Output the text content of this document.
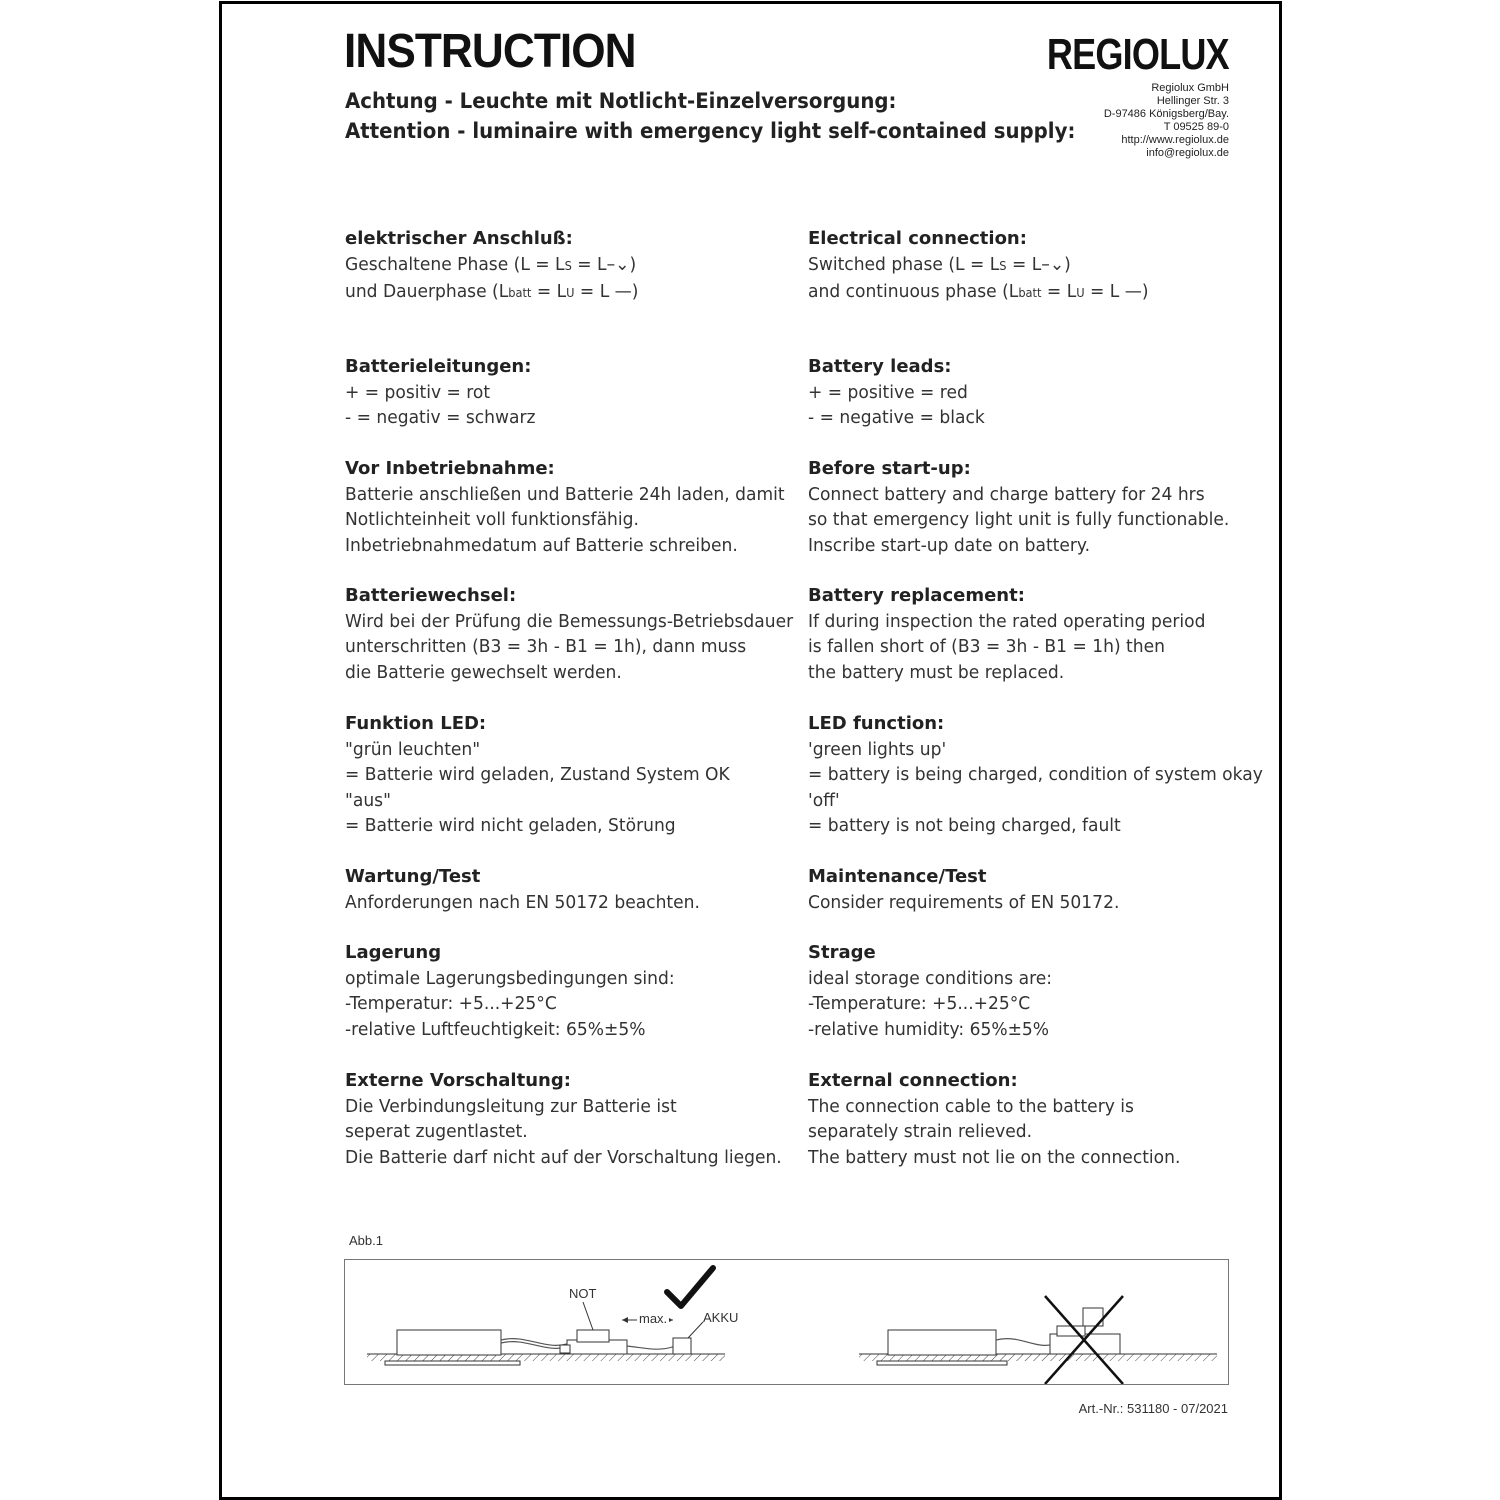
INSTRUCTION
Achtung - Leuchte mit Notlicht-Einzelversorgung:
Attention - luminaire with emergency light self-contained supply:
REGIOLUX
Regiolux GmbH
Hellinger Str. 3
D-97486 Königsberg/Bay.
T 09525 89-0
http://www.regiolux.de
info@regiolux.de
elektrischer Anschluß:
Geschaltene Phase (L = LS = L–⌄)
und Dauerphase (Lbatt = LU = L —)
Batterieleitungen:
+ = positiv = rot
- = negativ = schwarz
Vor Inbetriebnahme:
Batterie anschließen und Batterie 24h laden, damit
Notlichteinheit voll funktionsfähig.
Inbetriebnahmedatum auf Batterie schreiben.
Batteriewechsel:
Wird bei der Prüfung die Bemessungs-Betriebsdauer
unterschritten (B3 = 3h - B1 = 1h), dann muss
die Batterie gewechselt werden.
Funktion LED:
"grün leuchten"
= Batterie wird geladen, Zustand System OK
"aus"
= Batterie wird nicht geladen, Störung
Wartung/Test
Anforderungen nach EN 50172 beachten.
Lagerung
optimale Lagerungsbedingungen sind:
-Temperatur: +5...+25°C
-relative Luftfeuchtigkeit: 65%±5%
Externe Vorschaltung:
Die Verbindungsleitung zur Batterie ist
seperat zugentlastet.
Die Batterie darf nicht auf der Vorschaltung liegen.
Electrical connection:
Switched phase (L = LS = L–⌄)
and continuous phase (Lbatt = LU = L —)
Battery leads:
+ = positive = red
- = negative = black
Before start-up:
Connect battery and charge battery for 24 hrs
so that emergency light unit is fully functionable.
Inscribe start-up date on battery.
Battery replacement:
If during inspection the rated operating period
is fallen short of (B3 = 3h - B1 = 1h) then
the battery must be replaced.
LED function:
'green lights up'
= battery is being charged, condition of system okay
'off'
= battery is not being charged, fault
Maintenance/Test
Consider requirements of EN 50172.
Strage
ideal storage conditions are:
-Temperature: +5...+25°C
-relative humidity: 65%±5%
External connection:
The connection cable to the battery is
separately strain relieved.
The battery must not lie on the connection.
Abb.1
max.
NOT
AKKU
Art.-Nr.: 531180 - 07/2021
